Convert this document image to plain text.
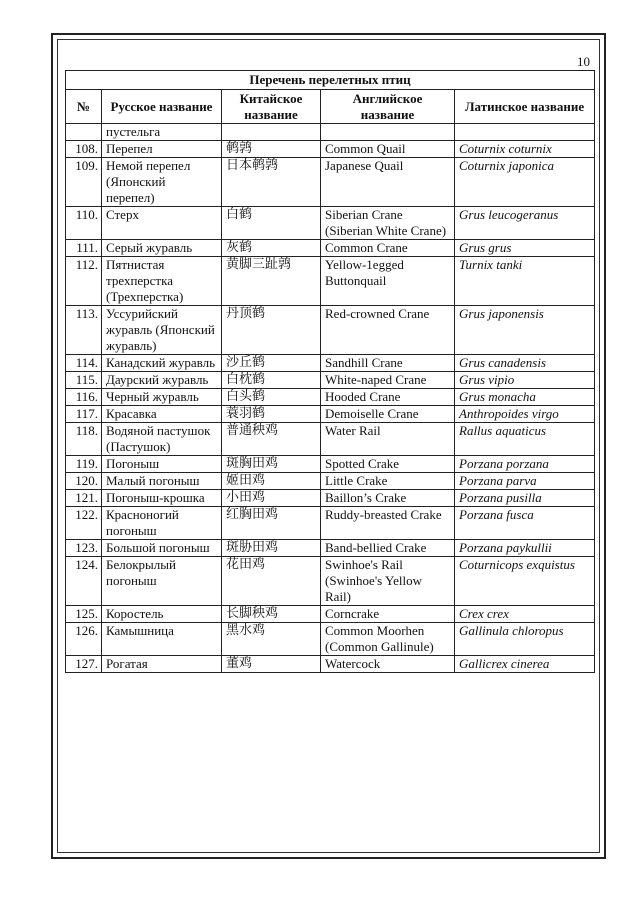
10
Перечень перелетных птиц				
№	Русское название	Китайское название	Английское название	Латинское название
	пустельга			
108.	Перепел	鹌鹑	Common Quail	Coturnix coturnix
109.	Немой перепел (Японский перепел)	日本鹌鹑	Japanese Quail	Coturnix japonica
110.	Стерх	白鹤	Siberian Crane (Siberian White Crane)	Grus leucogeranus
111.	Серый журавль	灰鹤	Common Crane	Grus grus
112.	Пятнистая трехперстка (Трехперстка)	黄脚三趾鹑	Yellow-1egged Buttonquail	Turnix tanki
113.	Уссурийский журавль (Японский журавль)	丹顶鹤	Red-crowned Crane	Grus japonensis
114.	Канадский журавль	沙丘鹤	Sandhill Crane	Grus canadensis
115.	Даурский журавль	白枕鹤	White-naped Crane	Grus vipio
116.	Черный журавль	白头鹤	Hooded Crane	Grus monacha
117.	Красавка	蓑羽鹤	Demoiselle Crane	Anthropoides virgo
118.	Водяной пастушок (Пастушок)	普通秧鸡	Water Rail	Rallus aquaticus
119.	Погоныш	斑胸田鸡	Spotted Crake	Porzana porzana
120.	Малый погоныш	姬田鸡	Little Crake	Porzana parva
121.	Погоныш-крошка	小田鸡	Baillon’s Crake	Porzana pusilla
122.	Красноногий погоныш	红胸田鸡	Ruddy-breasted Crake	Porzana fusca
123.	Большой погоныш	斑胁田鸡	Band-bellied Crake	Porzana paykullii
124.	Белокрылый погоныш	花田鸡	Swinhoe's Rail (Swinhoe's Yellow Rail)	Coturnicops exquistus
125.	Коростель	长脚秧鸡	Corncrake	Crex crex
126.	Камышница	黑水鸡	Common Moorhen (Common Gallinule)	Gallinula chloropus
127.	Рогатая	董鸡	Watercock	Gallicrex cinerea
